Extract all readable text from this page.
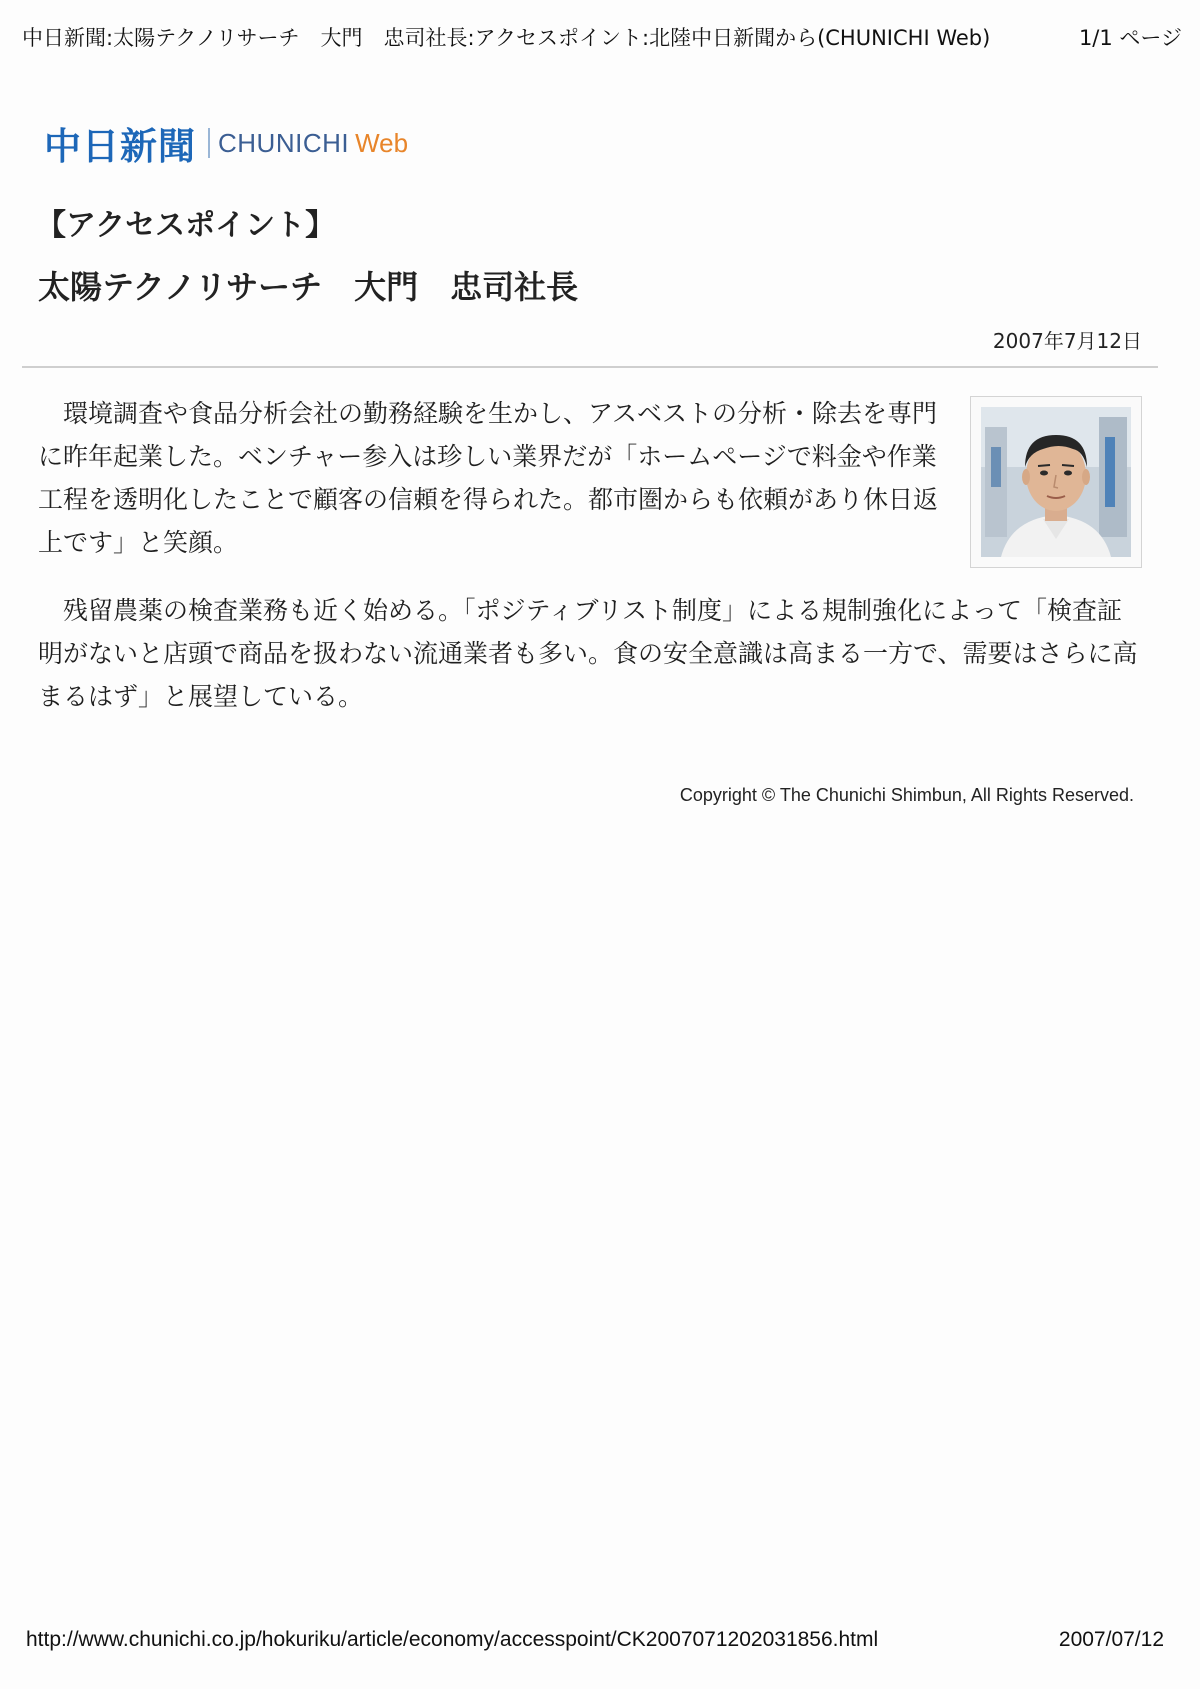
中日新聞:太陽テクノリサーチ　大門　忠司社長:アクセスポイント:北陸中日新聞から(CHUNICHI Web)	1/1 ページ
中日新聞 CHUNICHI Web
【アクセスポイント】
太陽テクノリサーチ　大門　忠司社長
2007年7月12日

環境調査や食品分析会社の勤務経験を生かし、アスベストの分析・除去を専門に昨年起業した。ベンチャー参入は珍しい業界だが「ホームページで料金や作業工程を透明化したことで顧客の信頼を得られた。都市圏からも依頼があり休日返上です」と笑顔。

残留農薬の検査業務も近く始める。「ポジティブリスト制度」による規制強化によって「検査証明がないと店頭で商品を扱わない流通業者も多い。食の安全意識は高まる一方で、需要はさらに高まるはず」と展望している。

Copyright © The Chunichi Shimbun, All Rights Reserved.
http://www.chunichi.co.jp/hokuriku/article/economy/accesspoint/CK2007071202031856.html	2007/07/12
